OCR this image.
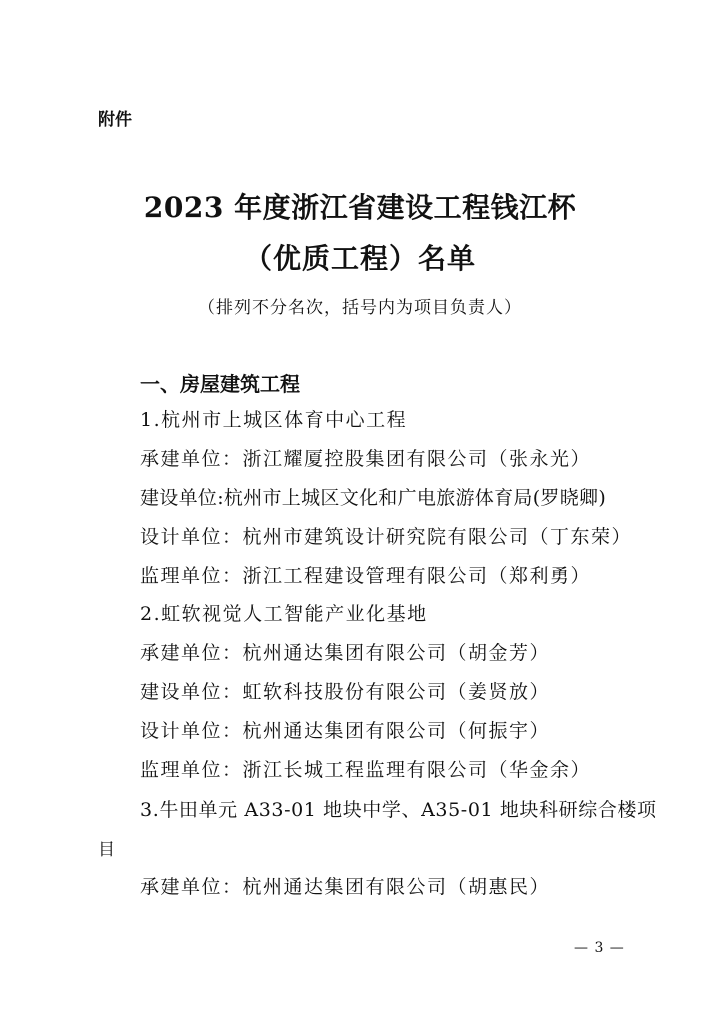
附件
2023 年度浙江省建设工程钱江杯
（优质工程）名单
（排列不分名次，括号内为项目负责人）
一、房屋建筑工程
1.杭州市上城区体育中心工程
承建单位：浙江耀厦控股集团有限公司（张永光）
建设单位:杭州市上城区文化和广电旅游体育局(罗晓卿)
设计单位：杭州市建筑设计研究院有限公司（丁东荣）
监理单位：浙江工程建设管理有限公司（郑利勇）
2.虹软视觉人工智能产业化基地
承建单位：杭州通达集团有限公司（胡金芳）
建设单位：虹软科技股份有限公司（姜贤放）
设计单位：杭州通达集团有限公司（何振宇）
监理单位：浙江长城工程监理有限公司（华金余）
3.牛田单元 A33-01 地块中学、A35-01 地块科研综合楼项
目
承建单位：杭州通达集团有限公司（胡惠民）
— 3 —
